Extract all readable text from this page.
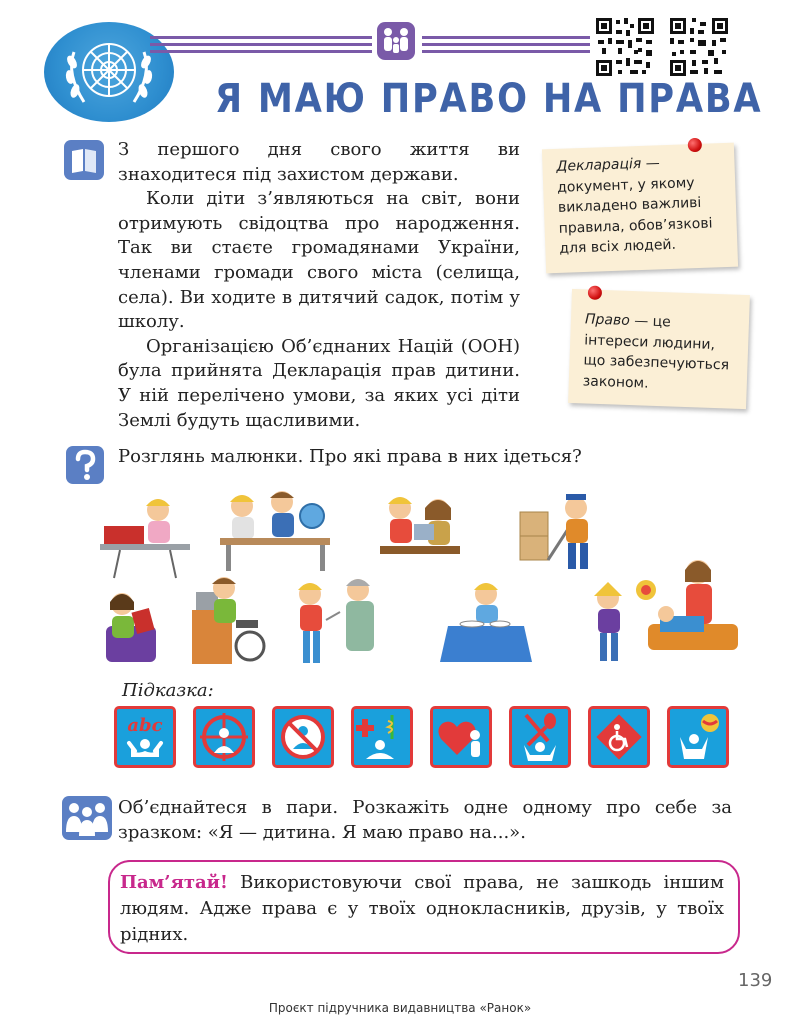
Я МАЮ ПРАВО НА ПРАВА

З першого дня свого життя ви знаходитеся під захистом держави.

Коли діти з’являються на світ, вони отримують свідоцтва про народження. Так ви стаєте громадянами України, членами громади свого міста (селища, села). Ви ходите в дитячий садок, потім у школу.

Організацією Об’єднаних Націй (ООН) була прийнята Декларація прав дитини. У ній перелічено умови, за яких усі діти Землі будуть щасливими.

Декларація — документ, у якому викладено важливі правила, обов’язкові для всіх людей.
Право — це інтереси людини, що забезпечуються законом.
Розглянь малюнки. Про які права в них ідеться?
Підказка:
abc
Об’єднайтеся в пари. Розкажіть одне одному про себе за зразком: «Я — дитина. Я маю право на...».
Пам’ятай! Використовуючи свої права, не зашкодь іншим людям. Адже права є у твоїх однокласників, друзів, у твоїх рідних.
139
Проєкт підручника видавництва «Ранок»
